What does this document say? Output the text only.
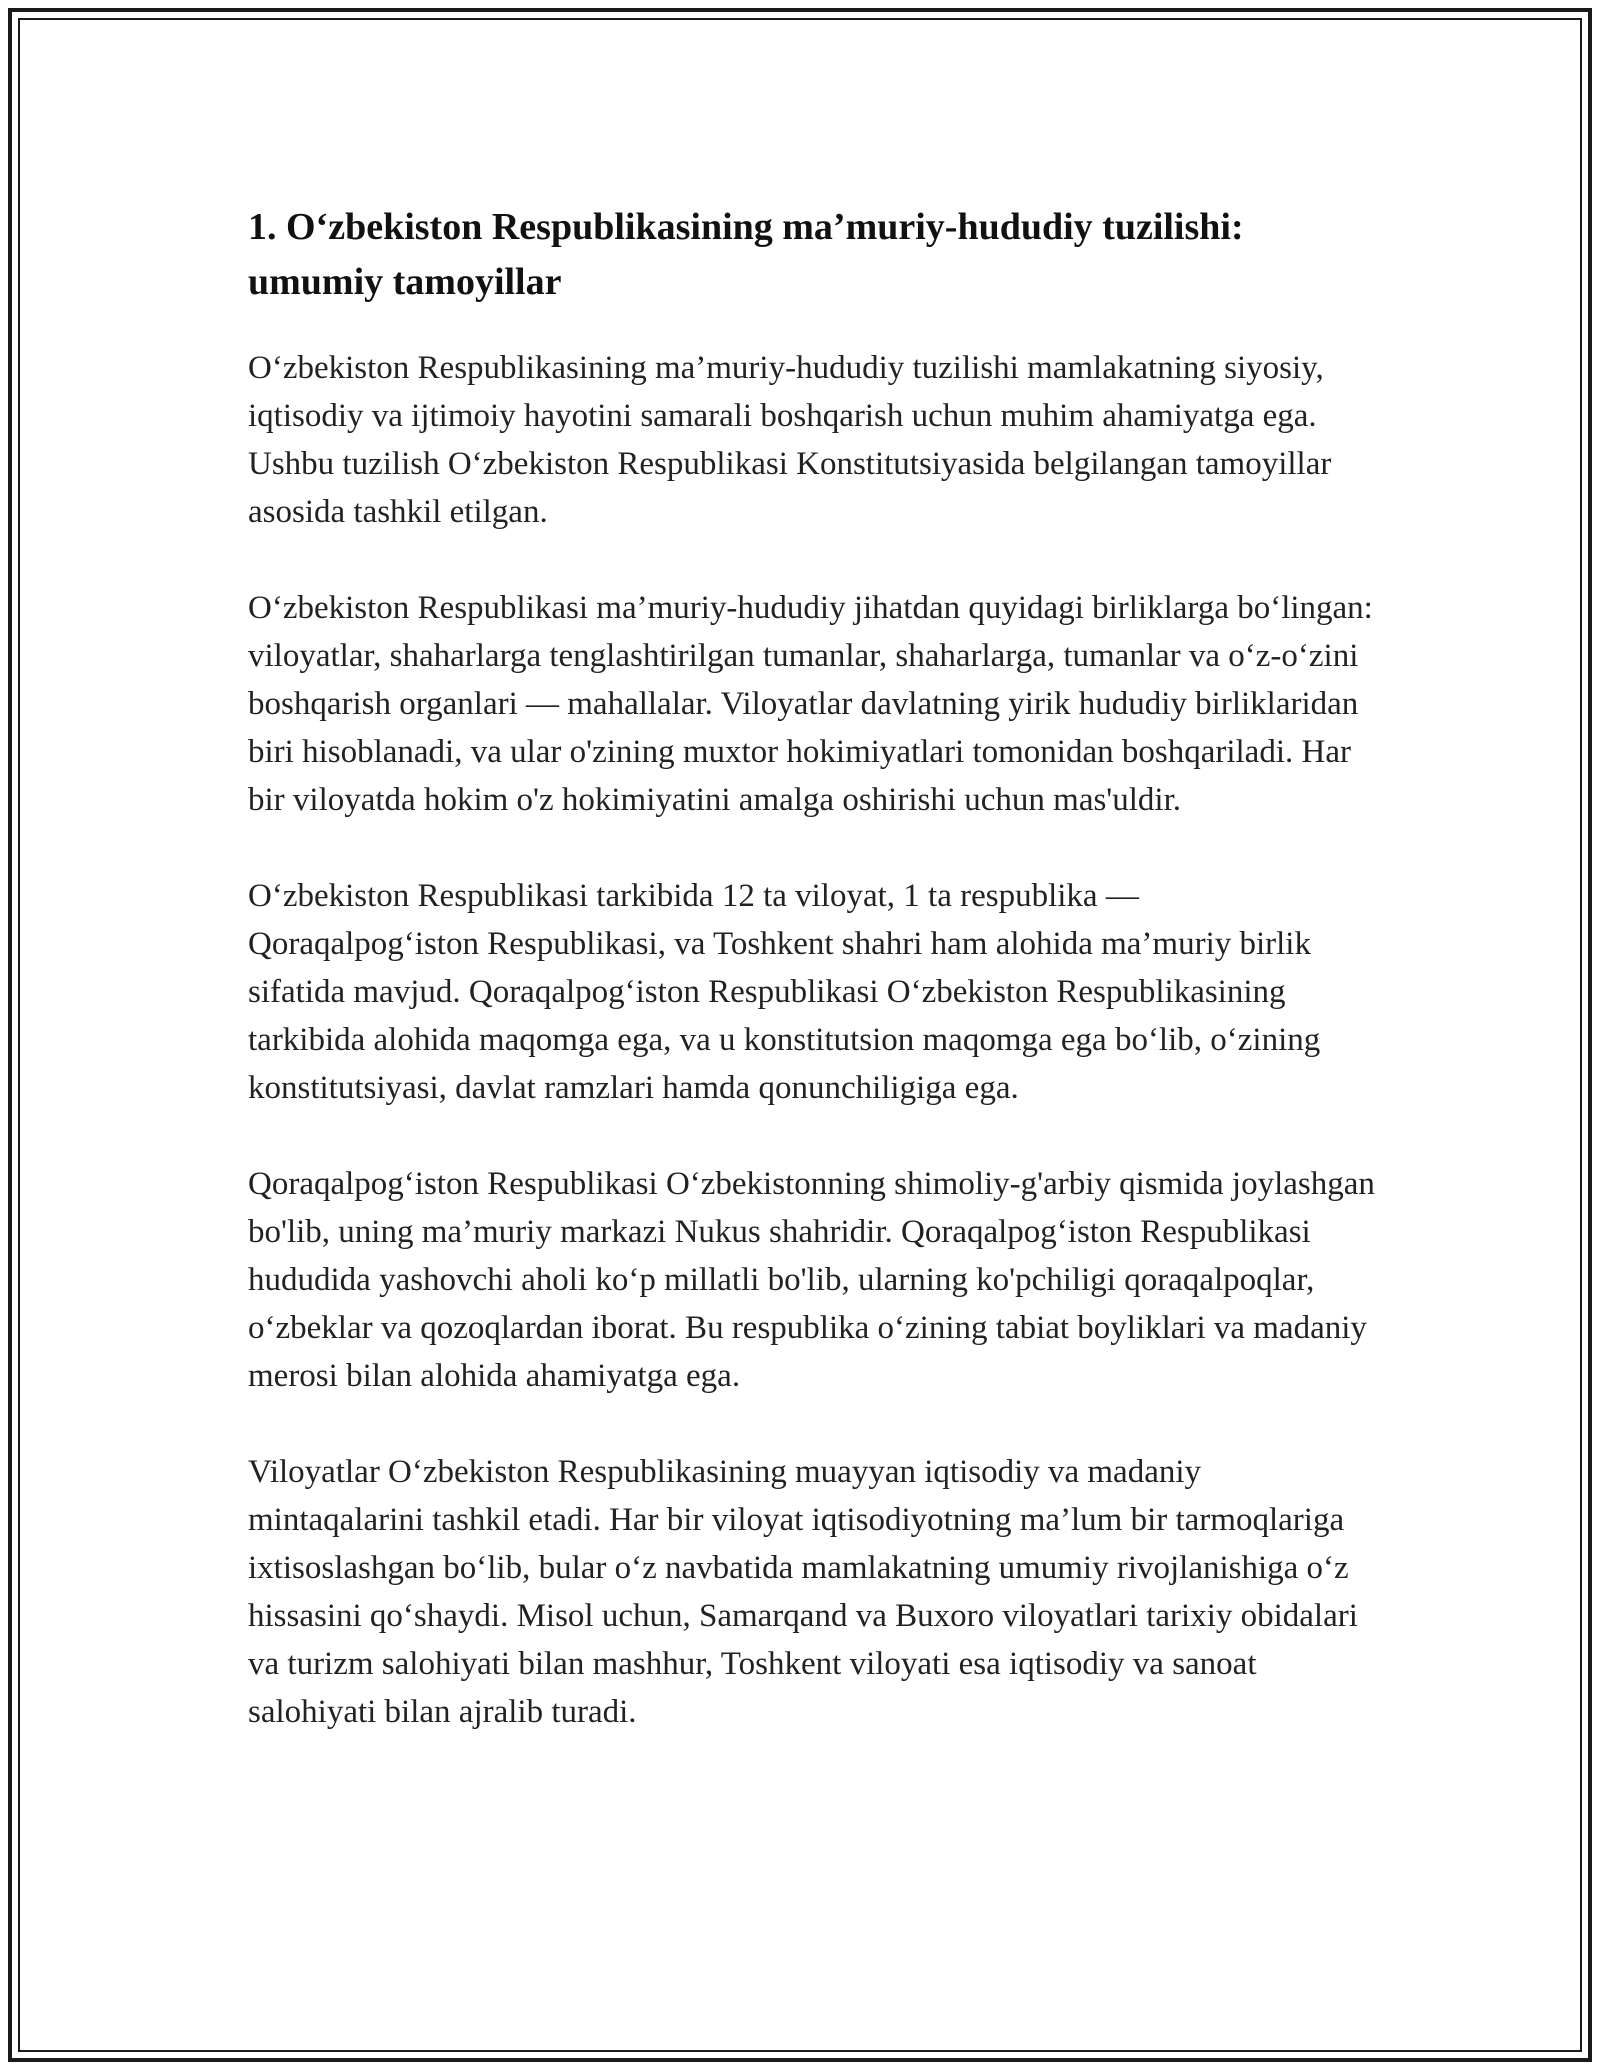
1. O‘zbekiston Respublikasining ma’muriy-hududiy tuzilishi: umumiy tamoyillar

O‘zbekiston Respublikasining ma’muriy-hududiy tuzilishi mamlakatning siyosiy, iqtisodiy va ijtimoiy hayotini samarali boshqarish uchun muhim ahamiyatga ega. Ushbu tuzilish O‘zbekiston Respublikasi Konstitutsiyasida belgilangan tamoyillar asosida tashkil etilgan.

O‘zbekiston Respublikasi ma’muriy-hududiy jihatdan quyidagi birliklarga bo‘lingan: viloyatlar, shaharlarga tenglashtirilgan tumanlar, shaharlarga, tumanlar va o‘z-o‘zini boshqarish organlari — mahallalar. Viloyatlar davlatning yirik hududiy birliklaridan biri hisoblanadi, va ular o'zining muxtor hokimiyatlari tomonidan boshqariladi. Har bir viloyatda hokim o'z hokimiyatini amalga oshirishi uchun mas'uldir.

O‘zbekiston Respublikasi tarkibida 12 ta viloyat, 1 ta respublika — Qoraqalpog‘iston Respublikasi, va Toshkent shahri ham alohida ma’muriy birlik sifatida mavjud. Qoraqalpog‘iston Respublikasi O‘zbekiston Respublikasining tarkibida alohida maqomga ega, va u konstitutsion maqomga ega bo‘lib, o‘zining konstitutsiyasi, davlat ramzlari hamda qonunchiligiga ega.

Qoraqalpog‘iston Respublikasi O‘zbekistonning shimoliy-g'arbiy qismida joylashgan bo'lib, uning ma’muriy markazi Nukus shahridir. Qoraqalpog‘iston Respublikasi hududida yashovchi aholi ko‘p millatli bo'lib, ularning ko'pchiligi qoraqalpoqlar, o‘zbeklar va qozoqlardan iborat. Bu respublika o‘zining tabiat boyliklari va madaniy merosi bilan alohida ahamiyatga ega.

Viloyatlar O‘zbekiston Respublikasining muayyan iqtisodiy va madaniy mintaqalarini tashkil etadi. Har bir viloyat iqtisodiyotning ma’lum bir tarmoqlariga ixtisoslashgan bo‘lib, bular o‘z navbatida mamlakatning umumiy rivojlanishiga o‘z hissasini qo‘shaydi. Misol uchun, Samarqand va Buxoro viloyatlari tarixiy obidalari va turizm salohiyati bilan mashhur, Toshkent viloyati esa iqtisodiy va sanoat salohiyati bilan ajralib turadi.
